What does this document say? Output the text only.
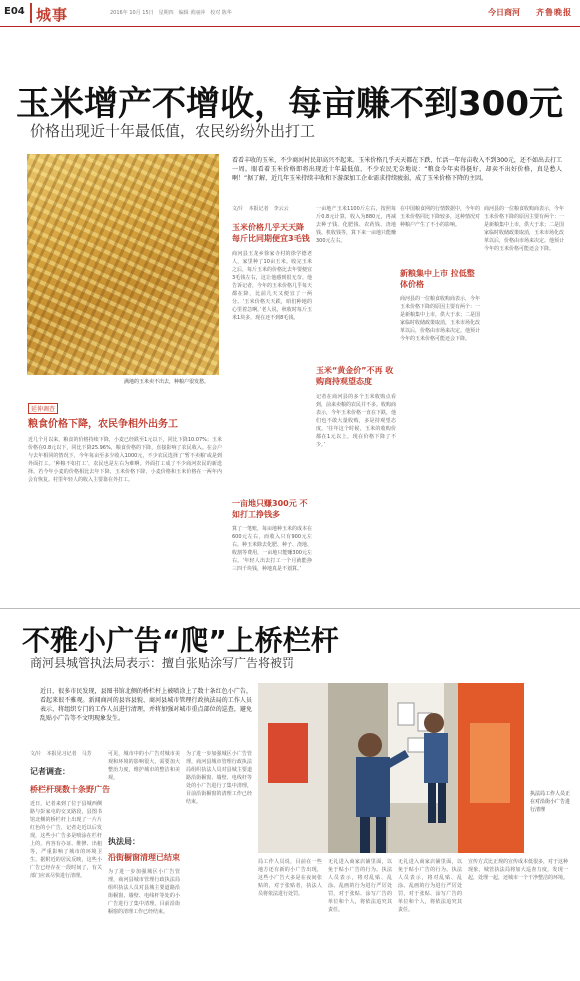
E04 城事	2016年 10月 15日　星期四　编辑 黄丽萍　校对 陈华	今日商河 齐鲁晚报
玉米增产不增收，每亩赚不到300元
价格出现近十年最低值，农民纷纷外出打工
满地的玉米卖不出去，种粮户很发愁。
看看丰收的玉米，不少商河村民却高兴不起来。玉米价格几乎天天都在下跌，忙活一年每亩收入不到300元，还不如出去打工一周。眼看着玉米价格即将出现近十年最低值，不少农民无奈地说：“粮食今年卖得挺好，却卖不出好价格，真是愁人啊！”据了解，近几年玉米持续丰收和下游深加工企业需求持续疲弱，成了玉米价格下降的主因。
延伸调查
粮食价格下降，农民争相外出务工
近几个月以来，粮食的价格持续下降，小麦已经跌至1元以下，同比下降10.07%；玉米价格在0.8元以下，同比下降25.96%，粮食价格的下降，直接影响了农民收入。在会户与去年相同的情况下，今年每亩至多少收入1000元，不少农民选择了‘暂不卖粮’或是到外面打工。‘种粮不如打工’，农民也是左右为难啊。外面打工成了不少商河农民的新选择。若今年小麦的价格相比去年下降，玉米价格下降，小麦价格和玉米价格在一两年内会有恢复。村里年轻人的收入主要靠在外打工。
文/片　本报记者　李云云
玉米价格几乎天天降 每斤比同期便宜3毛钱
商河县玉龙乡徐家寺村的徐学德老人，家里种了10亩玉米。收完玉米之后，每斤玉米的价格比去年要便宜3毛钱左右，这让他感到很无奈。他告诉记者，今年的玉米价格几乎每天都在降，比前几天又便宜了一两分。‘玉米价格天天跌，咱们种地的心里着急啊。’老人说，秋收时每斤玉米1块多，现在还不到8毛钱。
一亩地只赚300元 不如打工挣钱多
算了一笔账，每亩地种玉米的成本在600元左右，而收入只有900元左右。种玉米除去化肥、种子、浇地、收割等费用，一亩地只能赚300元左右。‘年轻人出去打工一个月就能挣三四千块钱，种地真是不划算。’
一亩地产玉米1100斤左右，按照每斤0.8元计算，收入为880元，再减去种子钱、化肥钱、农药钱、浇地钱、机收钱等，算下来一亩地只能赚300元左右。
玉米“黄金价”不再 收购商持观望态度
记者在商河县的多个玉米收购点看到，前来卖粮的农民并不多。收购商表示，今年玉米价格一直在下跌，他们也不敢大量收购，多是持观望态度。‘往年这个时候，玉米的收购价都在1元以上，现在价格下降了不少。’
在中国粮食网的行情数据中，今年的玉米价格同比下降较多，这种情况对种粮户产生了不小的影响。
新粮集中上市 拉低整体价格
商河县的一位粮食收购商表示，今年玉米价格下降的原因主要有两个：一是新粮集中上市，供大于求；二是国家临时收储政策取消，玉米市场化改革以后，价格由市场来决定。他预计今年的玉米价格可能还会下降。
商河县的一位粮食收购商表示，今年玉米价格下降的原因主要有两个：一是新粮集中上市，供大于求；二是国家临时收储政策取消，玉米市场化改革以后，价格由市场来决定。他预计今年的玉米价格可能还会下降。
不雅小广告“爬”上桥栏杆
商河县城管执法局表示：擅自张贴涂写广告将被罚
近日，很多市民发现，县图书馆北侧的桥栏杆上被喷涂上了数十条红色小广告，看起来很不雅观。新闻商河的县容县貌、商河县城市管理行政执法局的工作人员表示，将组织专门的工作人员进行清理，并将加强对城市重点部位的巡查，避免乱贴小广告等不文明现象发生。
文/片　本报见习记者　马芳
记者调查：
桥栏杆现数十条野广告
近日，记者来到了位于县城西侧路与彭家屯的交叉路段，县图书馆北侧的桥栏杆上出现了一片片红色的小广告，记者走近以后发现，这些小广告多是喷涂在栏杆上的，内容有办证、维修、出租等，严重影响了城市的环境卫生。据附近的居民反映，这些小广告已经存在一段时间了，有关部门应该尽快进行清理。
可见，城市中的小广告对城市美观和环境的影响很大，需要加大整治力度，维护城市的整洁和美观。
执法局：
沿街橱窗清理已结束
为了进一步加强城区小广告管理，商河县城市管理行政执法局组织执法人员对县城主要道路沿街橱窗、墙壁、电线杆等处的小广告进行了集中清理，目前沿街橱窗的清理工作已经结束。
为了进一步加强城区小广告管理，商河县城市管理行政执法局组织执法人员对县城主要道路沿街橱窗、墙壁、电线杆等处的小广告进行了集中清理，目前沿街橱窗的清理工作已经结束。
执法局工作人员正在对沿街小广告进行清理
局工作人员说，目前在一些地方还有新的小广告出现，这些小广告大多是在夜间张贴的，对于张贴者，执法人员将依法进行处罚。
无礼进入商家店铺里面，以免于贴小广告的行为。执法人员表示，将对乱贴、乱涂、乱画的行为进行严厉处罚，对于张贴、涂写广告的单位和个人，将依法追究其责任。
无礼进入商家店铺里面，以免于贴小广告的行为。执法人员表示，将对乱贴、乱涂、乱画的行为进行严厉处罚，对于张贴、涂写广告的单位和个人，将依法追究其责任。
宣传方式比正规的宣传成本低很多，对于这种现象，城管执法局将加大巡查力度，发现一起，处理一起，还城市一个干净整洁的环境。
